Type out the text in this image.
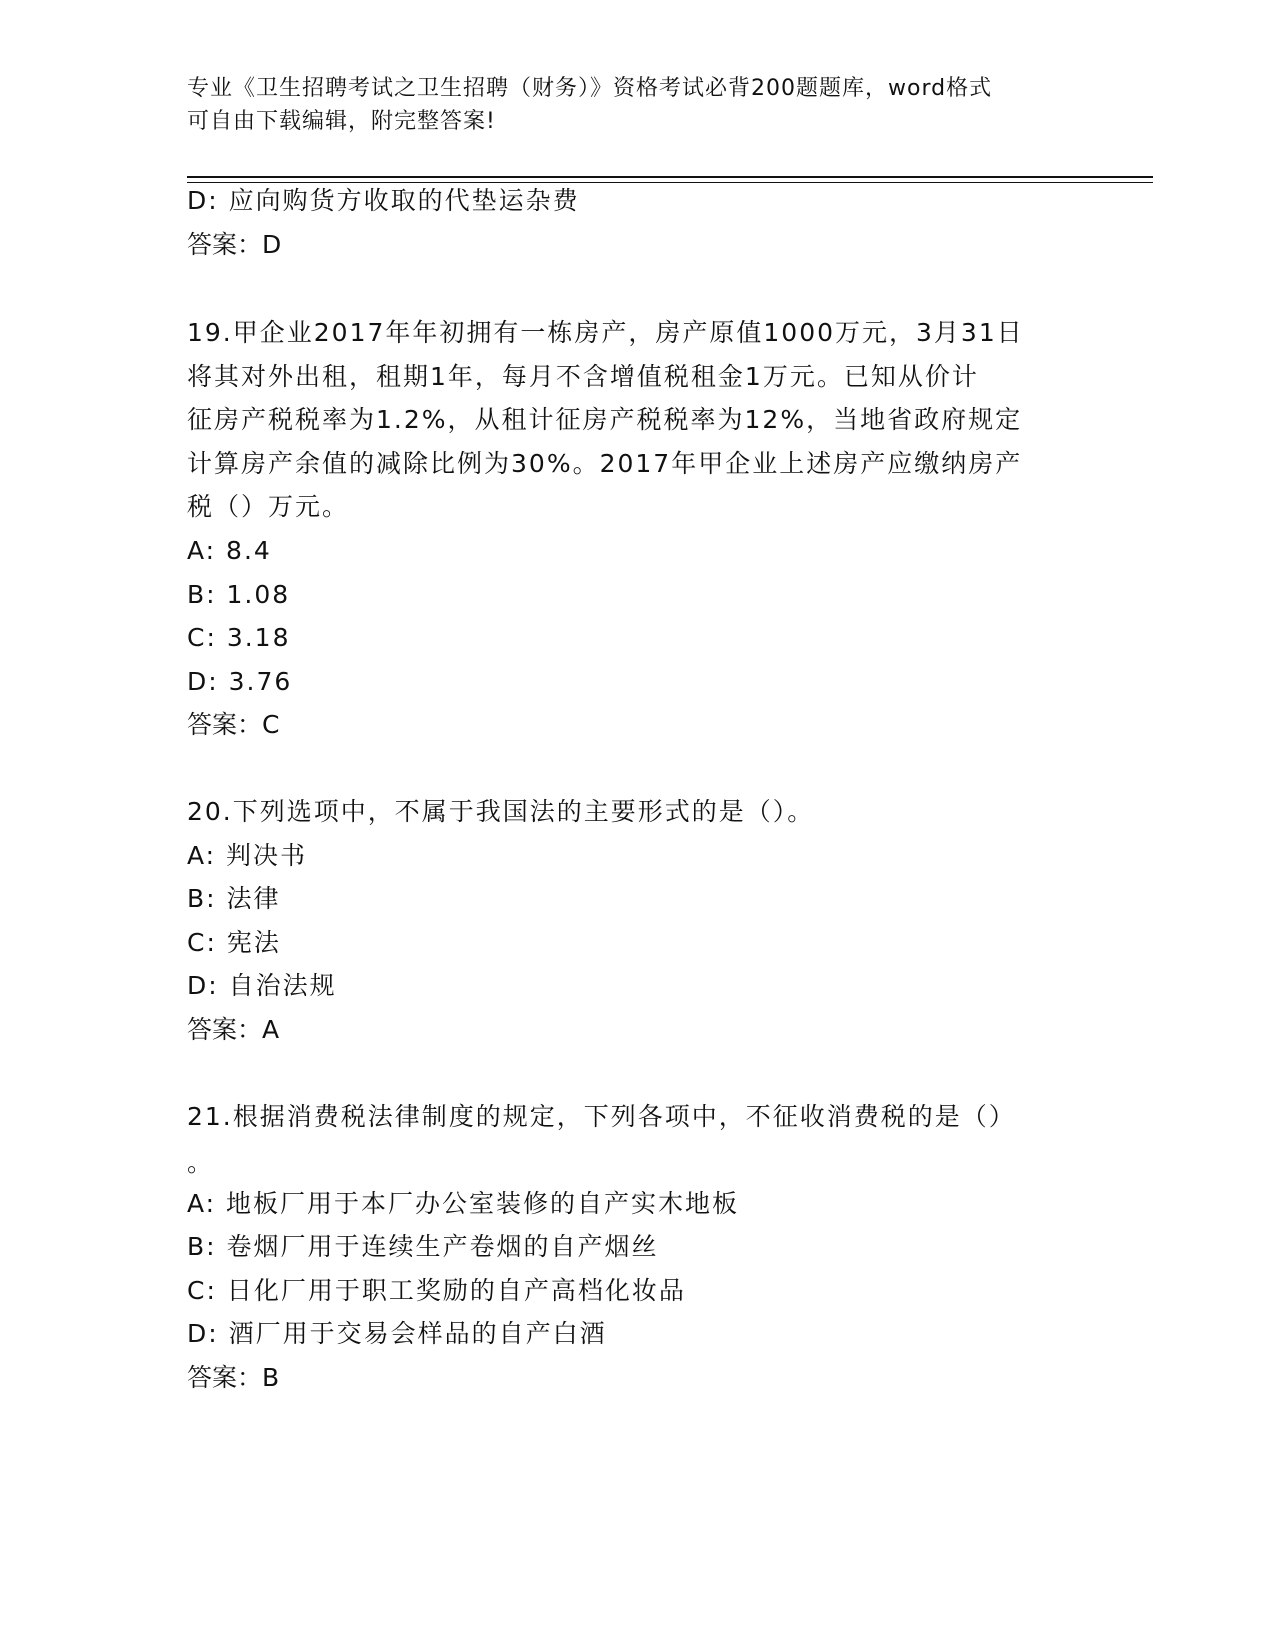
专业《卫生招聘考试之卫生招聘（财务）》资格考试必背200题题库，word格式
可自由下载编辑，附完整答案!
D: 应向购货方收取的代垫运杂费
答案：D
19.甲企业2017年年初拥有一栋房产，房产原值1000万元，3月31日
将其对外出租，租期1年，每月不含增值税租金1万元。已知从价计
征房产税税率为1.2%，从租计征房产税税率为12%，当地省政府规定
计算房产余值的减除比例为30%。2017年甲企业上述房产应缴纳房产
税（）万元。
A: 8.4
B: 1.08
C: 3.18
D: 3.76
答案：C
20.下列选项中，不属于我国法的主要形式的是（）。
A: 判决书
B: 法律
C: 宪法
D: 自治法规
答案：A
21.根据消费税法律制度的规定，下列各项中，不征收消费税的是（）
。
A: 地板厂用于本厂办公室装修的自产实木地板
B: 卷烟厂用于连续生产卷烟的自产烟丝
C: 日化厂用于职工奖励的自产高档化妆品
D: 酒厂用于交易会样品的自产白酒
答案：B
